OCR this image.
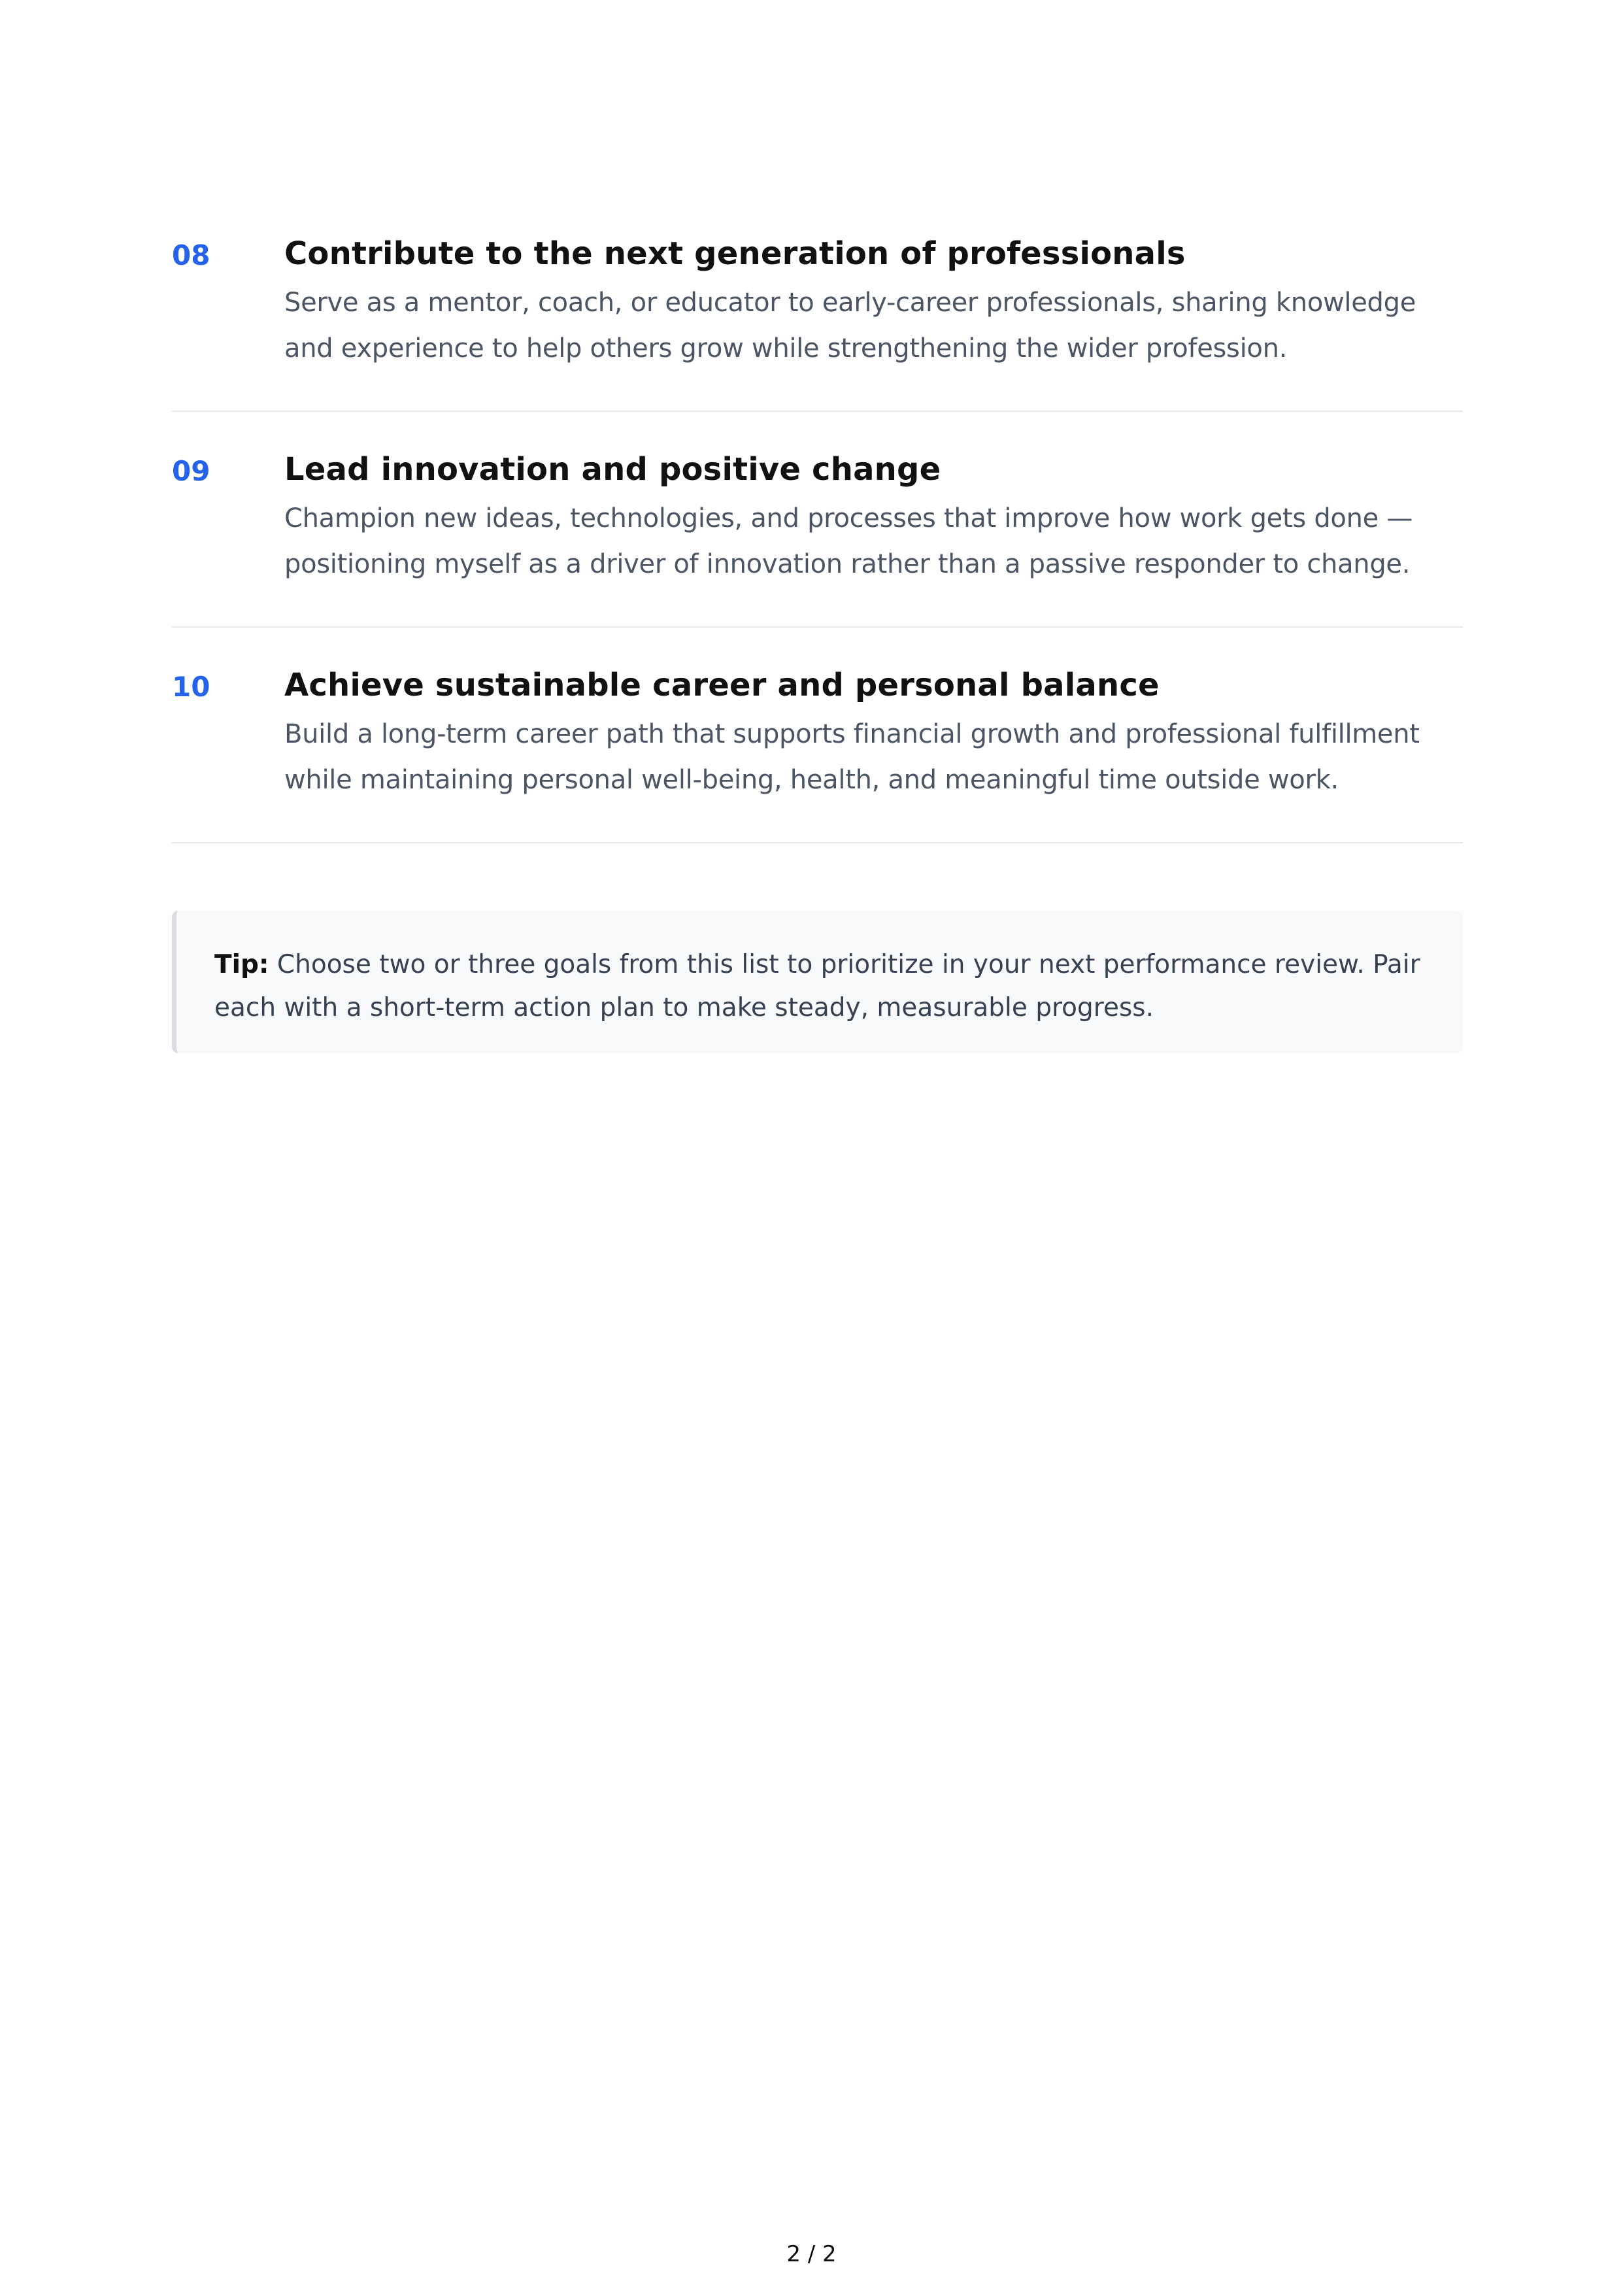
08	Contribute to the next generation of professionals
Serve as a mentor, coach, or educator to early-career professionals, sharing knowledge and experience to help others grow while strengthening the wider profession.
09	Lead innovation and positive change
Champion new ideas, technologies, and processes that improve how work gets done — positioning myself as a driver of innovation rather than a passive responder to change.
10	Achieve sustainable career and personal balance
Build a long-term career path that supports financial growth and professional fulfillment while maintaining personal well-being, health, and meaningful time outside work.
Tip: Choose two or three goals from this list to prioritize in your next performance review. Pair each with a short-term action plan to make steady, measurable progress.
2 / 2
